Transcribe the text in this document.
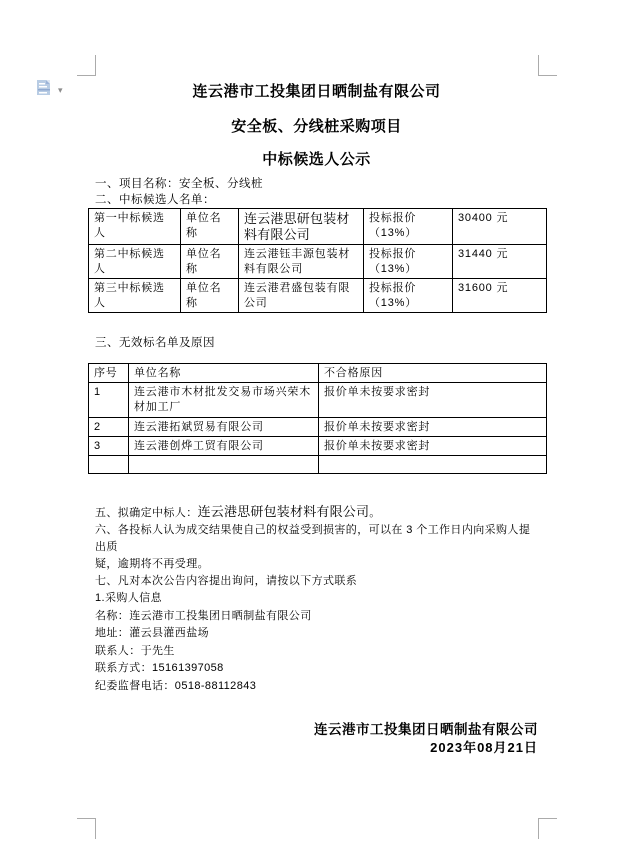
▾	连云港市工投集团日晒制盐有限公司
安全板、分线桩采购项目
中标候选人公示
一、项目名称：安全板、分线桩
二、中标候选人名单：
第一中标候选人	单位名称	连云港思研包装材料有限公司	投标报价（13%）	30400 元
第二中标候选人	单位名称	连云港钰丰源包装材料有限公司	投标报价（13%）	31440 元
第三中标候选人	单位名称	连云港君盛包装有限公司	投标报价（13%）	31600 元
三、无效标名单及原因
序号	单位名称	不合格原因
1	连云港市木材批发交易市场兴荣木材加工厂	报价单未按要求密封
2	连云港拓斌贸易有限公司	报价单未按要求密封
3	连云港创烨工贸有限公司	报价单未按要求密封

五、拟确定中标人：连云港思研包装材料有限公司。
六、各投标人认为成交结果使自己的权益受到损害的，可以在 3 个工作日内向采购人提出质
疑，逾期将不再受理。
七、凡对本次公告内容提出询问，请按以下方式联系
1.采购人信息
名称：连云港市工投集团日晒制盐有限公司
地址：灌云县灌西盐场
联系人：于先生
联系方式：15161397058
纪委监督电话：0518-88112843
连云港市工投集团日晒制盐有限公司
2023年08月21日
